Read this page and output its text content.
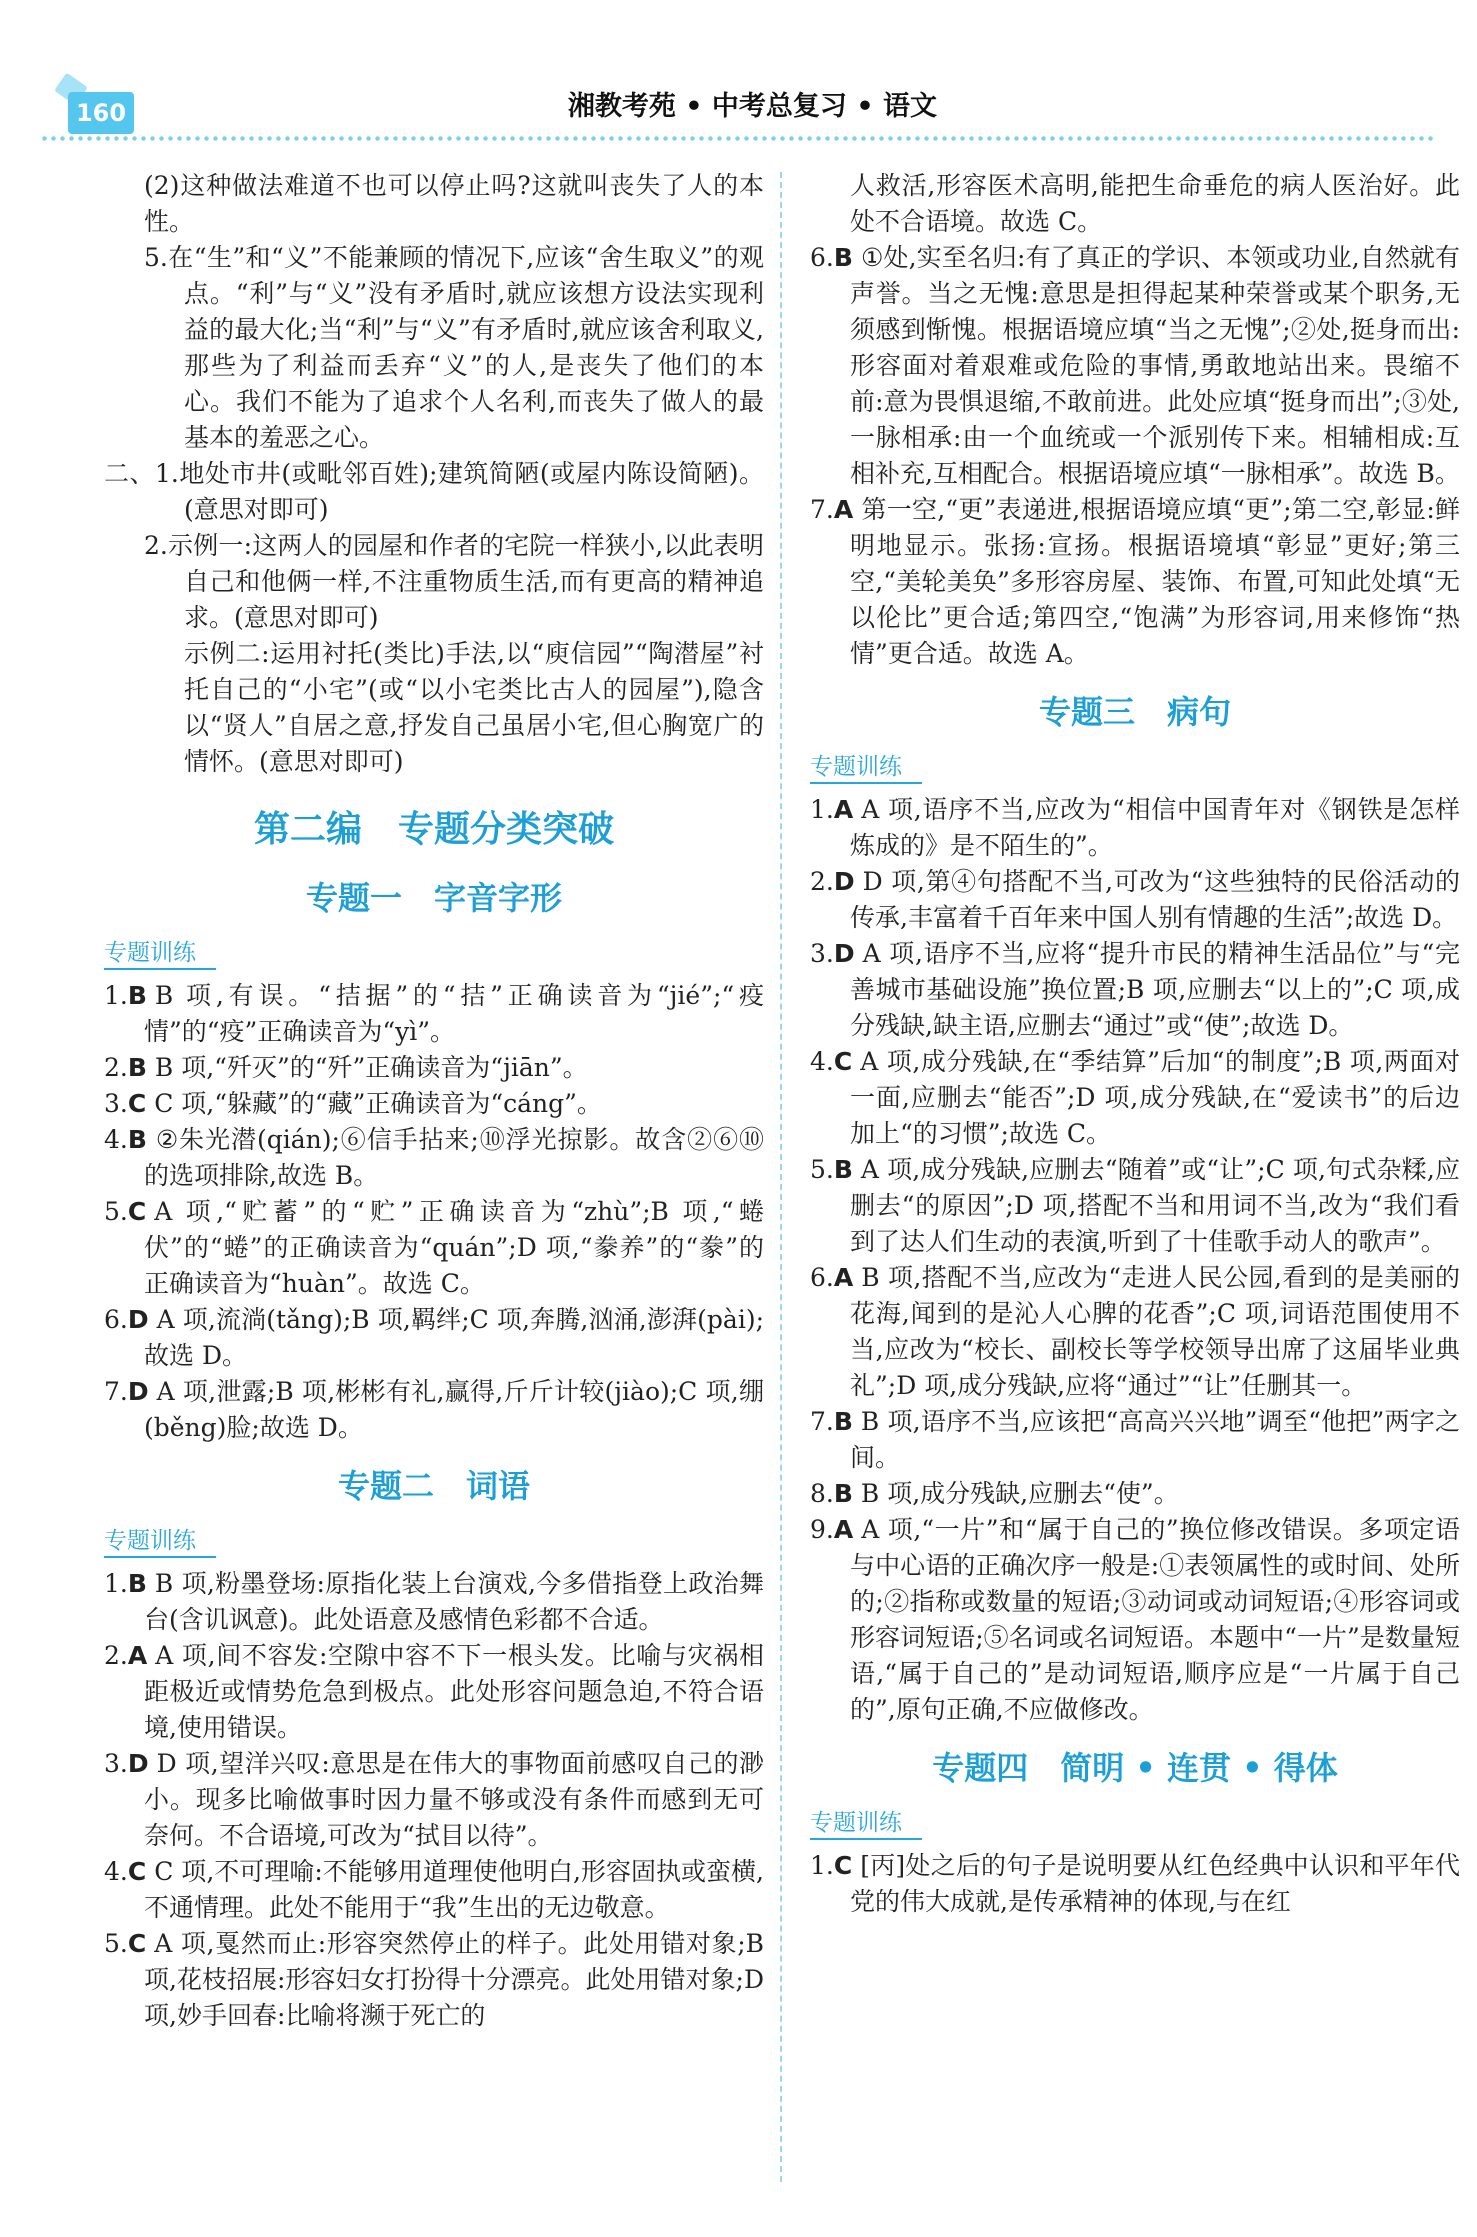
160	湘教考苑 • 中考总复习 • 语文

(2)这种做法难道不也可以停止吗?这就叫丧失了人的本性。

5.在“生”和“义”不能兼顾的情况下,应该“舍生取义”的观点。“利”与“义”没有矛盾时,就应该想方设法实现利益的最大化;当“利”与“义”有矛盾时,就应该舍利取义,那些为了利益而丢弃“义”的人,是丧失了他们的本心。我们不能为了追求个人名利,而丧失了做人的最基本的羞恶之心。

二、1.地处市井(或毗邻百姓);建筑简陋(或屋内陈设简陋)。(意思对即可)

2.示例一:这两人的园屋和作者的宅院一样狭小,以此表明自己和他俩一样,不注重物质生活,而有更高的精神追求。(意思对即可)

示例二:运用衬托(类比)手法,以“庾信园”“陶潜屋”衬托自己的“小宅”(或“以小宅类比古人的园屋”),隐含以“贤人”自居之意,抒发自己虽居小宅,但心胸宽广的情怀。(意思对即可)

第二编　专题分类突破
专题一　字音字形
专题训练

1.B B 项,有误。“拮据”的“拮”正确读音为“jié”;“疫情”的“疫”正确读音为“yì”。

2.B B 项,“歼灭”的“歼”正确读音为“jiān”。

3.C C 项,“躲藏”的“藏”正确读音为“cáng”。

4.B ②朱光潜(qián);⑥信手拈来;⑩浮光掠影。故含②⑥⑩的选项排除,故选 B。

5.C A 项,“贮蓄”的“贮”正确读音为“zhù”;B 项,“蜷伏”的“蜷”的正确读音为“quán”;D 项,“豢养”的“豢”的正确读音为“huàn”。故选 C。

6.D A 项,流淌(tǎng);B 项,羁绊;C 项,奔腾,汹涌,澎湃(pài);故选 D。

7.D A 项,泄露;B 项,彬彬有礼,赢得,斤斤计较(jiào);C 项,绷(běng)脸;故选 D。

专题二　词语
专题训练

1.B B 项,粉墨登场:原指化装上台演戏,今多借指登上政治舞台(含讥讽意)。此处语意及感情色彩都不合适。

2.A A 项,间不容发:空隙中容不下一根头发。比喻与灾祸相距极近或情势危急到极点。此处形容问题急迫,不符合语境,使用错误。

3.D D 项,望洋兴叹:意思是在伟大的事物面前感叹自己的渺小。现多比喻做事时因力量不够或没有条件而感到无可奈何。不合语境,可改为“拭目以待”。

4.C C 项,不可理喻:不能够用道理使他明白,形容固执或蛮横,不通情理。此处不能用于“我”生出的无边敬意。

5.C A 项,戛然而止:形容突然停止的样子。此处用错对象;B 项,花枝招展:形容妇女打扮得十分漂亮。此处用错对象;D 项,妙手回春:比喻将濒于死亡的

人救活,形容医术高明,能把生命垂危的病人医治好。此处不合语境。故选 C。

6.B ①处,实至名归:有了真正的学识、本领或功业,自然就有声誉。当之无愧:意思是担得起某种荣誉或某个职务,无须感到惭愧。根据语境应填“当之无愧”;②处,挺身而出:形容面对着艰难或危险的事情,勇敢地站出来。畏缩不前:意为畏惧退缩,不敢前进。此处应填“挺身而出”;③处,一脉相承:由一个血统或一个派别传下来。相辅相成:互相补充,互相配合。根据语境应填“一脉相承”。故选 B。

7.A 第一空,“更”表递进,根据语境应填“更”;第二空,彰显:鲜明地显示。张扬:宣扬。根据语境填“彰显”更好;第三空,“美轮美奂”多形容房屋、装饰、布置,可知此处填“无以伦比”更合适;第四空,“饱满”为形容词,用来修饰“热情”更合适。故选 A。

专题三　病句
专题训练

1.A A 项,语序不当,应改为“相信中国青年对《钢铁是怎样炼成的》是不陌生的”。

2.D D 项,第④句搭配不当,可改为“这些独特的民俗活动的传承,丰富着千百年来中国人别有情趣的生活”;故选 D。

3.D A 项,语序不当,应将“提升市民的精神生活品位”与“完善城市基础设施”换位置;B 项,应删去“以上的”;C 项,成分残缺,缺主语,应删去“通过”或“使”;故选 D。

4.C A 项,成分残缺,在“季结算”后加“的制度”;B 项,两面对一面,应删去“能否”;D 项,成分残缺,在“爱读书”的后边加上“的习惯”;故选 C。

5.B A 项,成分残缺,应删去“随着”或“让”;C 项,句式杂糅,应删去“的原因”;D 项,搭配不当和用词不当,改为“我们看到了达人们生动的表演,听到了十佳歌手动人的歌声”。

6.A B 项,搭配不当,应改为“走进人民公园,看到的是美丽的花海,闻到的是沁人心脾的花香”;C 项,词语范围使用不当,应改为“校长、副校长等学校领导出席了这届毕业典礼”;D 项,成分残缺,应将“通过”“让”任删其一。

7.B B 项,语序不当,应该把“高高兴兴地”调至“他把”两字之间。

8.B B 项,成分残缺,应删去“使”。

9.A A 项,“一片”和“属于自己的”换位修改错误。多项定语与中心语的正确次序一般是:①表领属性的或时间、处所的;②指称或数量的短语;③动词或动词短语;④形容词或形容词短语;⑤名词或名词短语。本题中“一片”是数量短语,“属于自己的”是动词短语,顺序应是“一片属于自己的”,原句正确,不应做修改。

专题四　简明 • 连贯 • 得体
专题训练

1.C [丙]处之后的句子是说明要从红色经典中认识和平年代党的伟大成就,是传承精神的体现,与在红
